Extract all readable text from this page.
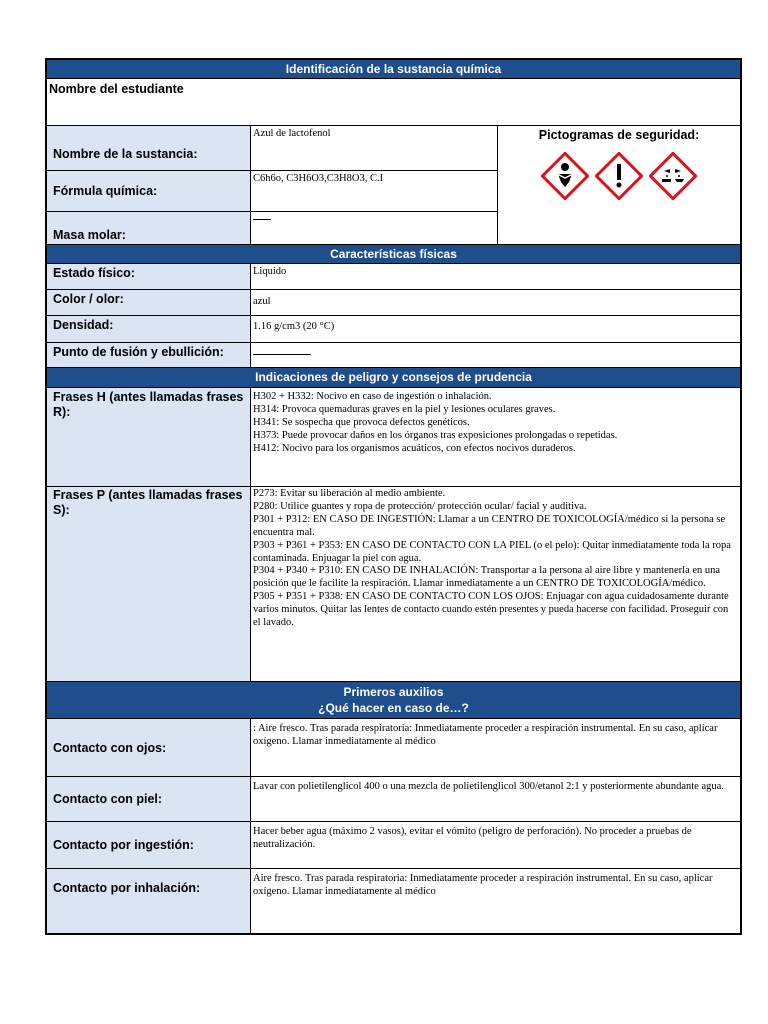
Identificación de la sustancia química
Nombre del estudiante
Nombre de la sustancia:
Azul de lactofenol
Fórmula química:
C6h6o, C3H6O3,C3H8O3, C.I
Masa molar:
Pictogramas de seguridad:
Características físicas
Estado físico:	Liquido
Color / olor:	azul
Densidad:	1.16 g/cm3 (20 °C)
Punto de fusión y ebullición:
Indicaciones de peligro y consejos de prudencia
Frases H (antes llamadas frases R):

H302 + H332: Nocivo en caso de ingestión o inhalación.

H314: Provoca quemaduras graves en la piel y lesiones oculares graves.

H341: Se sospecha que provoca defectos genéticos.

H373: Puede provocar daños en los órganos tras exposiciones prolongadas o repetidas.

H412: Nocivo para los organismos acuáticos, con efectos nocivos duraderos.

Frases P (antes llamadas frases S):

P273: Evitar su liberación al medio ambiente.

P280: Utilice guantes y ropa de protección/ protección ocular/ facial y auditiva.

P301 + P312: EN CASO DE INGESTIÓN: Llamar a un CENTRO DE TOXICOLOGÍA/médico si la persona se encuentra mal.

P303 + P361 + P353: EN CASO DE CONTACTO CON LA PIEL (o el pelo): Quitar inmediatamente toda la ropa contaminada. Enjuagar la piel con agua.

P304 + P340 + P310: EN CASO DE INHALACIÓN: Transportar a la persona al aire libre y mantenerla en una posición que le facilite la respiración. Llamar inmediatamente a un CENTRO DE TOXICOLOGÍA/médico.

P305 + P351 + P338: EN CASO DE CONTACTO CON LOS OJOS: Enjuagar con agua cuidadosamente durante varios minutos. Quitar las lentes de contacto cuando estén presentes y pueda hacerse con facilidad. Proseguir con el lavado.

Primeros auxilios
¿Qué hacer en caso de…?
Contacto con ojos:
: Aire fresco. Tras parada respiratoria: Inmediatamente proceder a respiración instrumental. En su caso, aplicar oxígeno. Llamar inmediatamente al médico
Contacto con piel:
Lavar con polietilenglicol 400 o una mezcla de polietilenglicol 300/etanol 2:1 y posteriormente abundante agua.
Contacto por ingestión:
Hacer beber agua (máximo 2 vasos), evitar el vómito (peligro de perforación). No proceder a pruebas de neutralización.
Contacto por inhalación:
Aire fresco. Tras parada respiratoria: Inmediatamente proceder a respiración instrumental. En su caso, aplicar oxígeno. Llamar inmediatamente al médico
